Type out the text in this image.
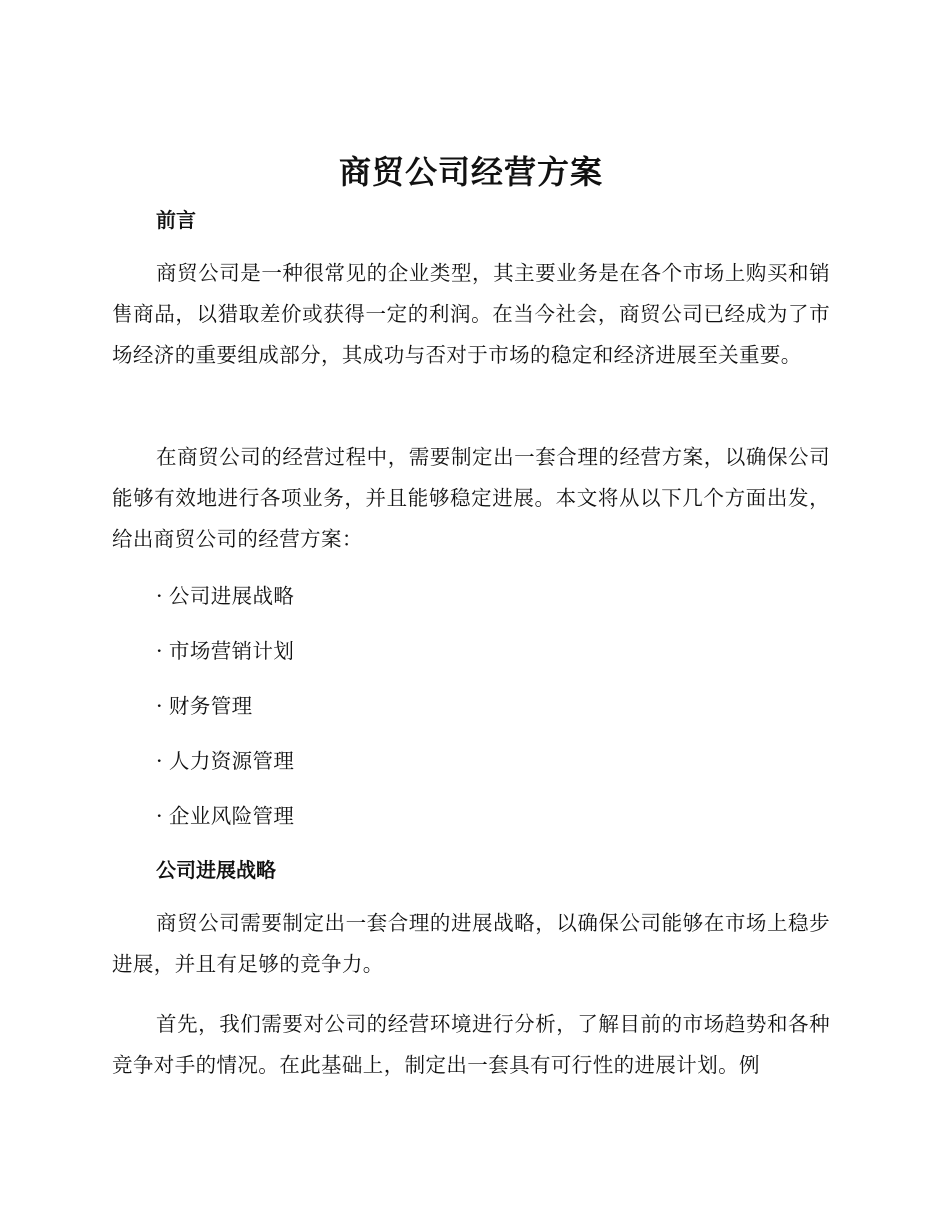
商贸公司经营方案
前言

商贸公司是一种很常见的企业类型，其主要业务是在各个市场上购买和销售商品，以猎取差价或获得一定的利润。在当今社会，商贸公司已经成为了市场经济的重要组成部分，其成功与否对于市场的稳定和经济进展至关重要。

在商贸公司的经营过程中，需要制定出一套合理的经营方案，以确保公司能够有效地进行各项业务，并且能够稳定进展。本文将从以下几个方面出发，给出商贸公司的经营方案：

· 公司进展战略
· 市场营销计划
· 财务管理
· 人力资源管理
· 企业风险管理
公司进展战略

商贸公司需要制定出一套合理的进展战略，以确保公司能够在市场上稳步进展，并且有足够的竞争力。

首先，我们需要对公司的经营环境进行分析，了解目前的市场趋势和各种竞争对手的情况。在此基础上，制定出一套具有可行性的进展计划。例
